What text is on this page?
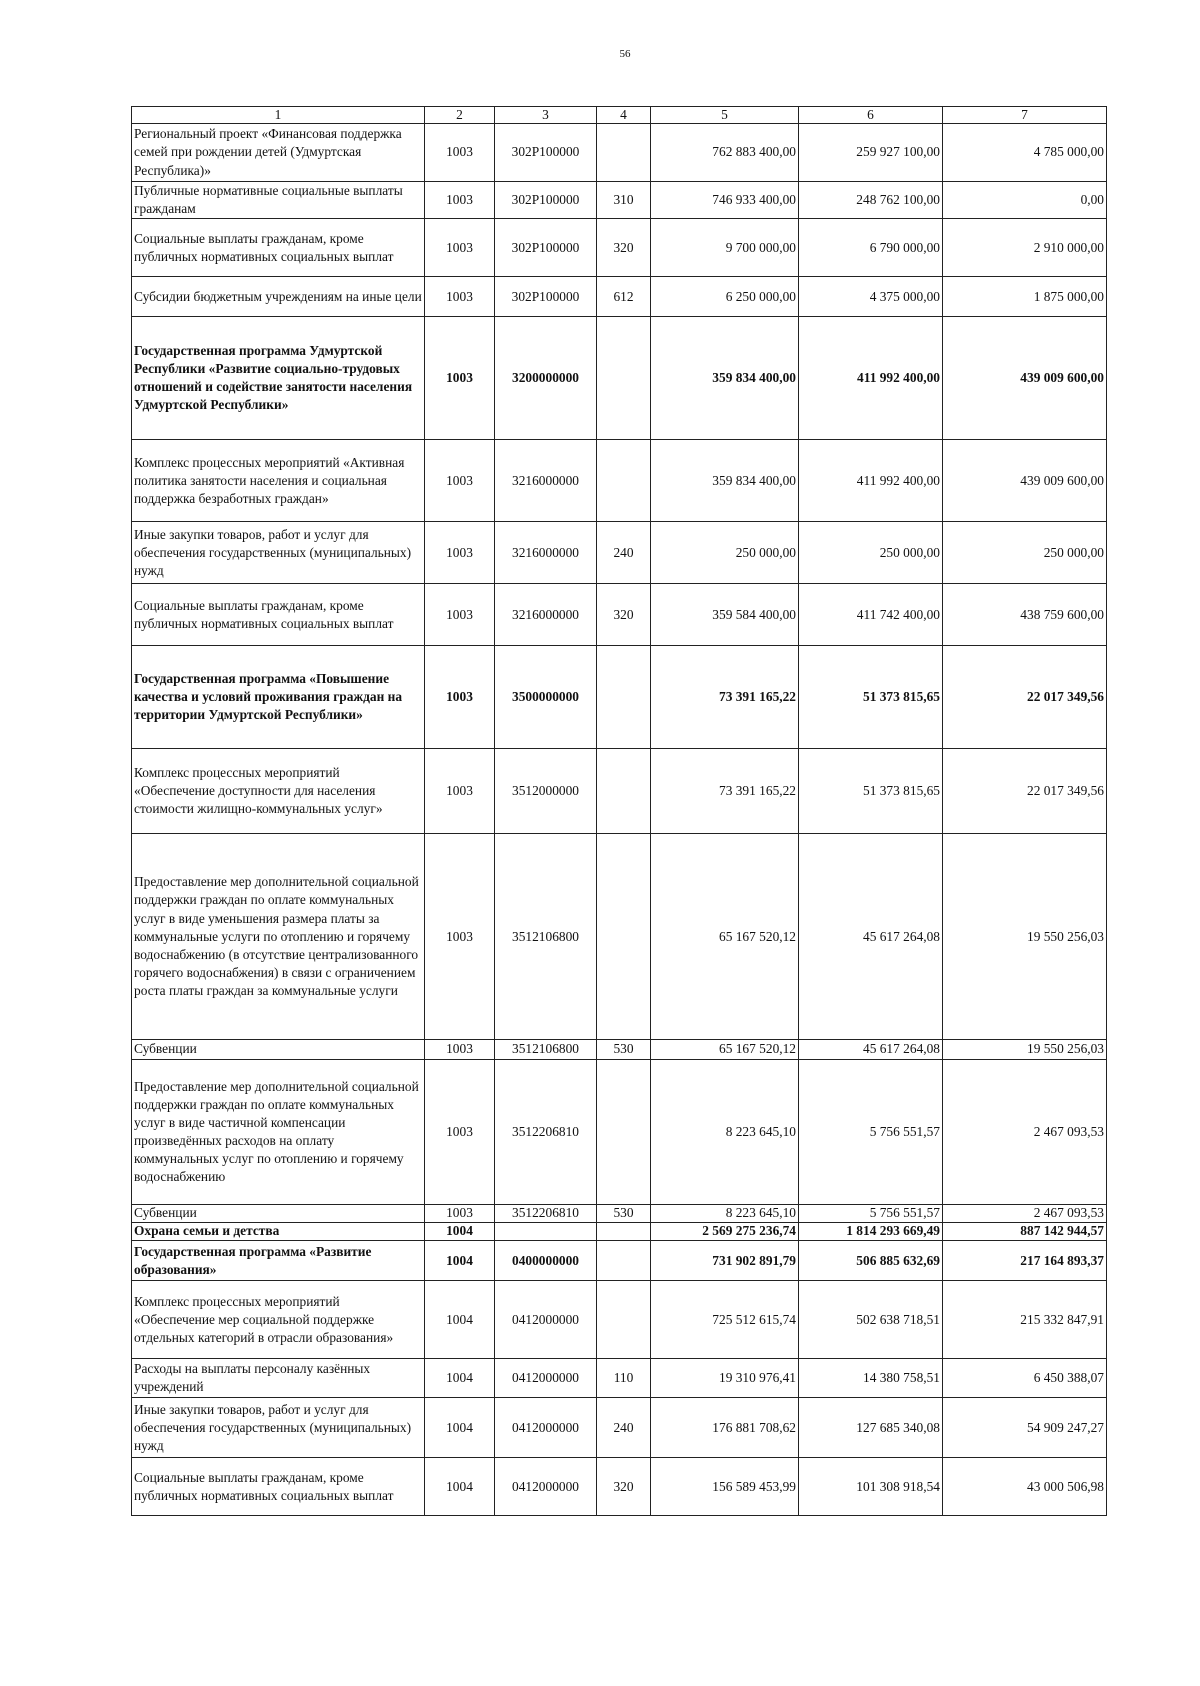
56
1	2	3	4	5	6	7
Региональный проект «Финансовая поддержка семей при рождении детей (Удмуртская Республика)»	1003	302P100000		762 883 400,00	259 927 100,00	4 785 000,00
Публичные нормативные социальные выплаты гражданам	1003	302P100000	310	746 933 400,00	248 762 100,00	0,00
Социальные выплаты гражданам, кроме публичных нормативных социальных выплат	1003	302P100000	320	9 700 000,00	6 790 000,00	2 910 000,00
Субсидии бюджетным учреждениям на иные цели	1003	302P100000	612	6 250 000,00	4 375 000,00	1 875 000,00
Государственная программа Удмуртской Республики «Развитие социально-трудовых отношений и содействие занятости населения Удмуртской Республики»	1003	3200000000		359 834 400,00	411 992 400,00	439 009 600,00
Комплекс процессных мероприятий «Активная политика занятости населения и социальная поддержка безработных граждан»	1003	3216000000		359 834 400,00	411 992 400,00	439 009 600,00
Иные закупки товаров, работ и услуг для обеспечения государственных (муниципальных) нужд	1003	3216000000	240	250 000,00	250 000,00	250 000,00
Социальные выплаты гражданам, кроме публичных нормативных социальных выплат	1003	3216000000	320	359 584 400,00	411 742 400,00	438 759 600,00
Государственная программа «Повышение качества и условий проживания граждан на территории Удмуртской Республики»	1003	3500000000		73 391 165,22	51 373 815,65	22 017 349,56
Комплекс процессных мероприятий «Обеспечение доступности для населения стоимости жилищно-коммунальных услуг»	1003	3512000000		73 391 165,22	51 373 815,65	22 017 349,56
Предоставление мер дополнительной социальной поддержки граждан по оплате коммунальных услуг в виде уменьшения размера платы за коммунальные услуги по отоплению и горячему водоснабжению (в отсутствие централизованного горячего водоснабжения) в связи с ограничением роста платы граждан за коммунальные услуги	1003	3512106800		65 167 520,12	45 617 264,08	19 550 256,03
Субвенции	1003	3512106800	530	65 167 520,12	45 617 264,08	19 550 256,03
Предоставление мер дополнительной социальной поддержки граждан по оплате коммунальных услуг в виде частичной компенсации произведённых расходов на оплату коммунальных услуг по отоплению и горячему водоснабжению	1003	3512206810		8 223 645,10	5 756 551,57	2 467 093,53
Субвенции	1003	3512206810	530	8 223 645,10	5 756 551,57	2 467 093,53
Охрана семьи и детства	1004			2 569 275 236,74	1 814 293 669,49	887 142 944,57
Государственная программа «Развитие образования»	1004	0400000000		731 902 891,79	506 885 632,69	217 164 893,37
Комплекс процессных мероприятий «Обеспечение мер социальной поддержке отдельных категорий в отрасли образования»	1004	0412000000		725 512 615,74	502 638 718,51	215 332 847,91
Расходы на выплаты персоналу казённых учреждений	1004	0412000000	110	19 310 976,41	14 380 758,51	6 450 388,07
Иные закупки товаров, работ и услуг для обеспечения государственных (муниципальных) нужд	1004	0412000000	240	176 881 708,62	127 685 340,08	54 909 247,27
Социальные выплаты гражданам, кроме публичных нормативных социальных выплат	1004	0412000000	320	156 589 453,99	101 308 918,54	43 000 506,98
